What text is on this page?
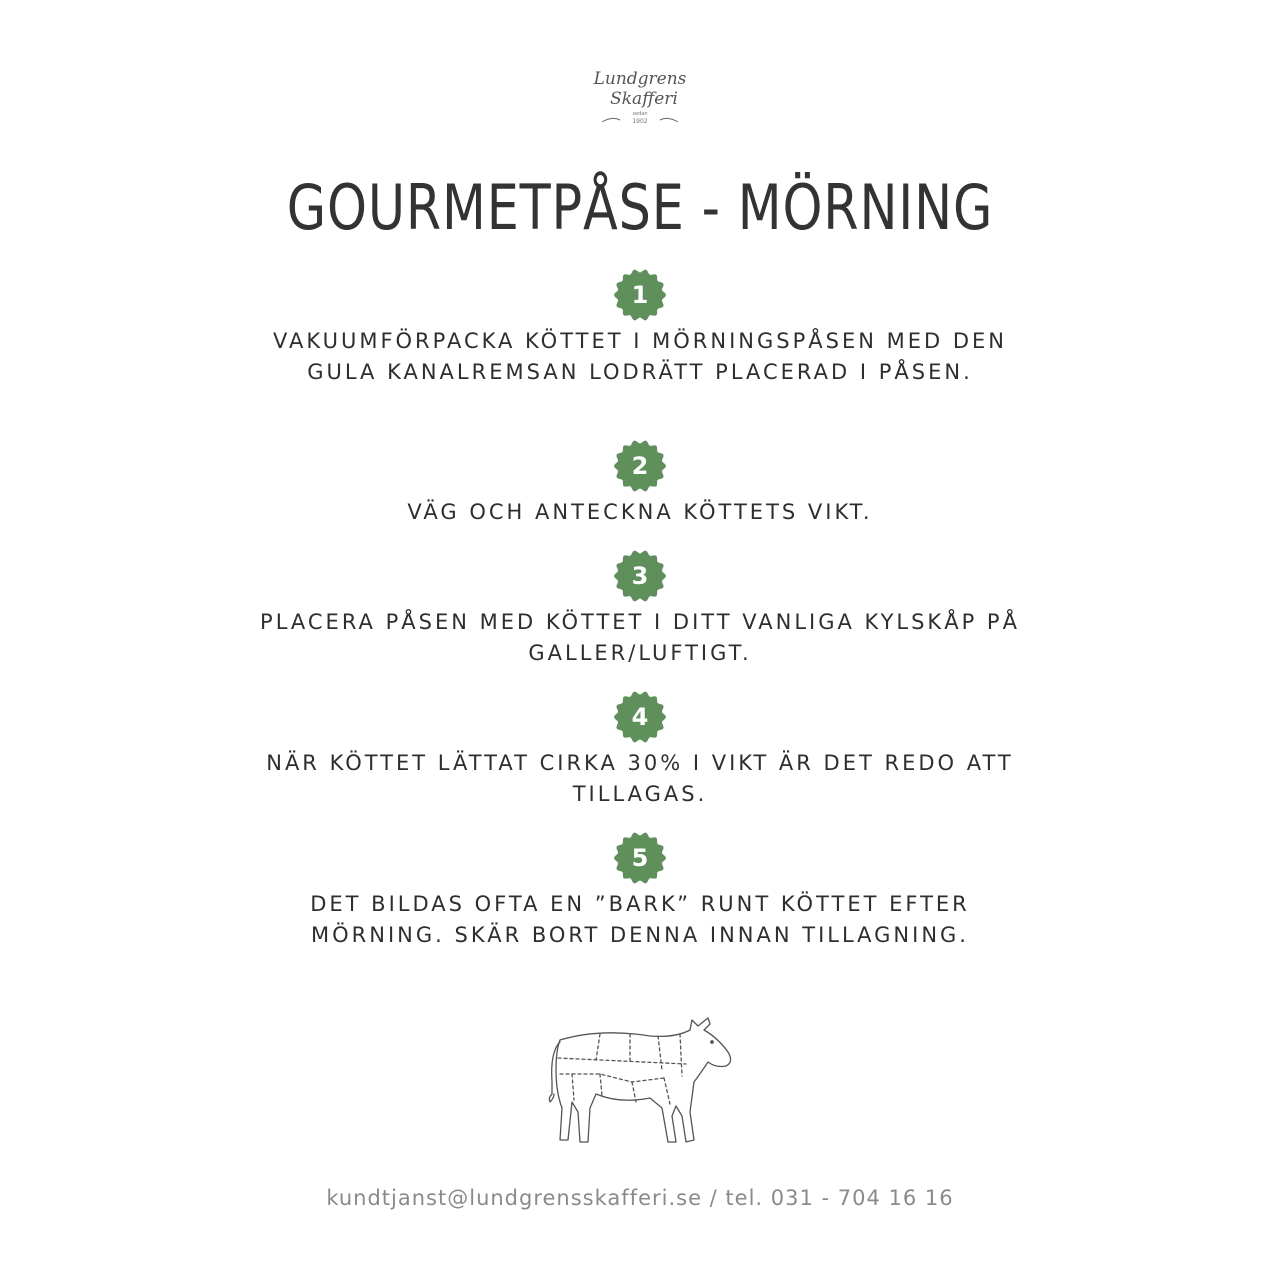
Lundgrens
Skafferi
sedan
1902
GOURMETPÅSE - MÖRNING
1

VAKUUMFÖRPACKA KÖTTET I MÖRNINGSPÅSEN MED DEN GULA KANALREMSAN LODRÄTT PLACERAD I PÅSEN.

2

VÄG OCH ANTECKNA KÖTTETS VIKT.

3

PLACERA PÅSEN MED KÖTTET I DITT VANLIGA KYLSKÅP PÅ GALLER/LUFTIGT.

4

NÄR KÖTTET LÄTTAT CIRKA 30% I VIKT ÄR DET REDO ATT TILLAGAS.

5

DET BILDAS OFTA EN ”BARK” RUNT KÖTTET EFTER MÖRNING. SKÄR BORT DENNA INNAN TILLAGNING.

kundtjanst@lundgrensskafferi.se / tel. 031 - 704 16 16
